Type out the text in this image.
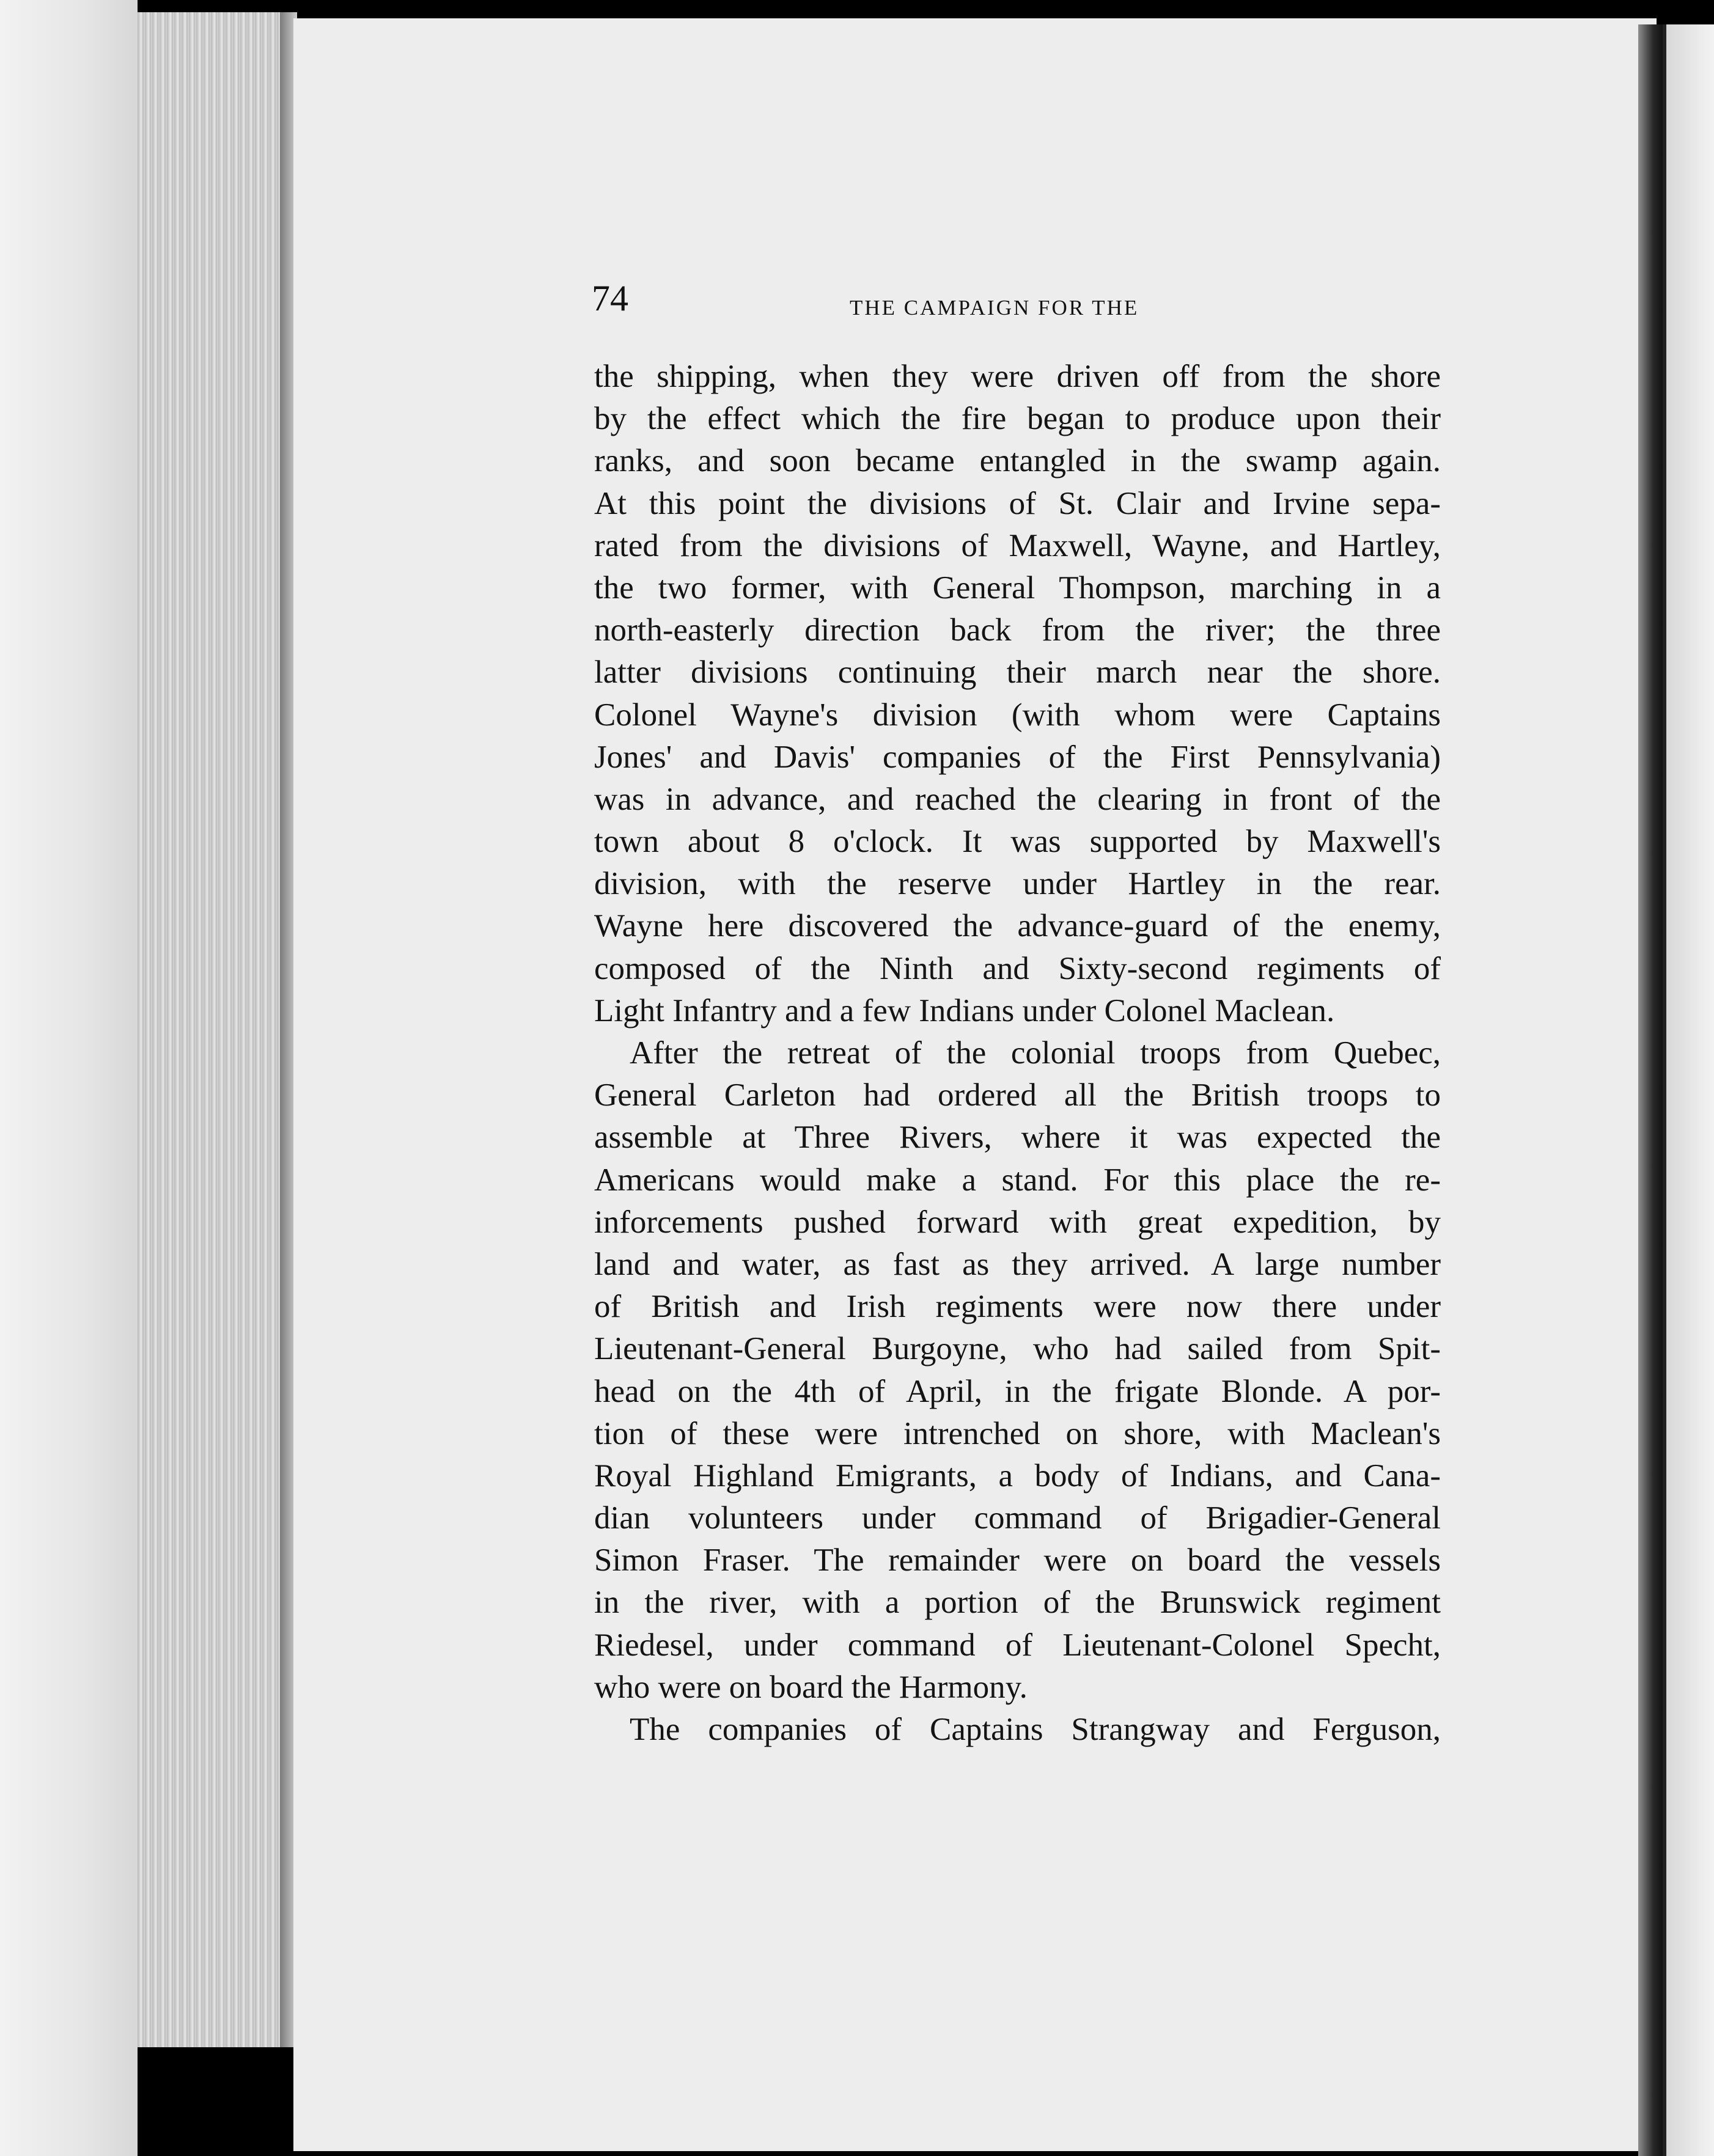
74	THE CAMPAIGN FOR THE
the shipping, when they were driven off from the shore
by the effect which the fire began to produce upon their
ranks, and soon became entangled in the swamp again.
At this point the divisions of St. Clair and Irvine sepa-
rated from the divisions of Maxwell, Wayne, and Hartley,
the two former, with General Thompson, marching in a
north-easterly direction back from the river; the three
latter divisions continuing their march near the shore.
Colonel Wayne's division (with whom were Captains
Jones' and Davis' companies of the First Pennsylvania)
was in advance, and reached the clearing in front of the
town about 8 o'clock. It was supported by Maxwell's
division, with the reserve under Hartley in the rear.
Wayne here discovered the advance-guard of the enemy,
composed of the Ninth and Sixty-second regiments of
Light Infantry and a few Indians under Colonel Maclean.
After the retreat of the colonial troops from Quebec,
General Carleton had ordered all the British troops to
assemble at Three Rivers, where it was expected the
Americans would make a stand. For this place the re-
inforcements pushed forward with great expedition, by
land and water, as fast as they arrived. A large number
of British and Irish regiments were now there under
Lieutenant-General Burgoyne, who had sailed from Spit-
head on the 4th of April, in the frigate Blonde. A por-
tion of these were intrenched on shore, with Maclean's
Royal Highland Emigrants, a body of Indians, and Cana-
dian volunteers under command of Brigadier-General
Simon Fraser. The remainder were on board the vessels
in the river, with a portion of the Brunswick regiment
Riedesel, under command of Lieutenant-Colonel Specht,
who were on board the Harmony.
The companies of Captains Strangway and Ferguson,
